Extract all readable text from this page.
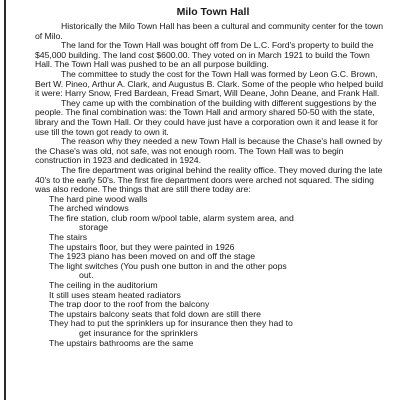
Milo Town Hall

Historically the Milo Town Hall has been a cultural and community center for the town of Milo.

The land for the Town Hall was bought off from De L.C. Ford's property to build the $45,000 building. The land cost $600.00. They voted on in March 1921 to build the Town Hall. The Town Hall was pushed to be an all purpose building.

The committee to study the cost for the Town Hall was formed by Leon G.C. Brown, Bert W. Pineo, Arthur A. Clark, and Augustus B. Clark. Some of the people who helped build it were: Harry Snow, Fred Bardean, Fread Smart, Will Deane, John Deane, and Frank Hall.

They came up with the combination of the building with different suggestions by the people. The final combination was: the Town Hall and armory shared 50-50 with the state, library and the Town Hall. Or they could have just have a corporation own it and lease it for use till the town got ready to own it.

The reason why they needed a new Town Hall is because the Chase's hall owned by the Chase's was old, not safe, was not enough room. The Town Hall was to begin construction in 1923 and dedicated in 1924.

The fire department was original behind the reality office. They moved during the late 40's to the early 50's. The first fire department doors were arched not squared. The siding was also redone. The things that are still there today are:

The hard pine wood walls
The arched windows
The fire station, club room w/pool table, alarm system area, and
storage
The stairs
The upstairs floor, but they were painted in 1926
The 1923 piano has been moved on and off the stage
The light switches (You push one button in and the other pops
out.
The ceiling in the auditorium
It still uses steam heated radiators
The trap door to the roof from the balcony
The upstairs balcony seats that fold down are still there
They had to put the sprinklers up for insurance then they had to
get insurance for the sprinklers
The upstairs bathrooms are the same
